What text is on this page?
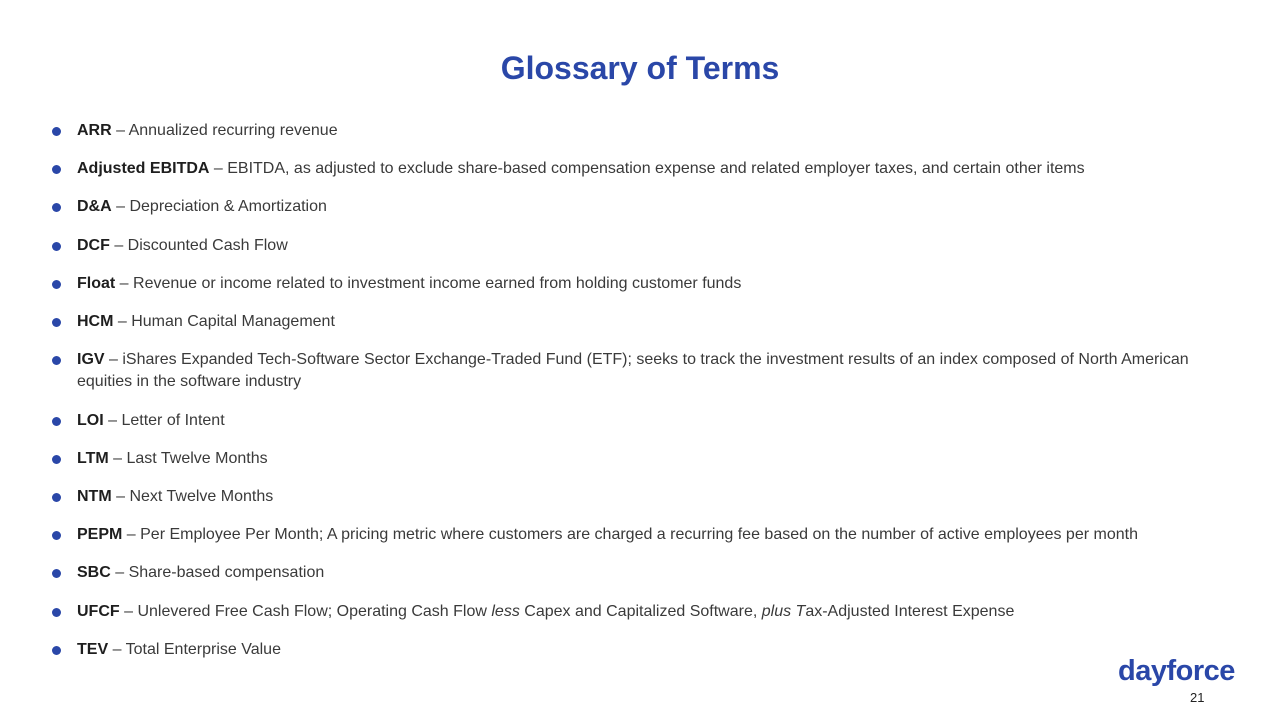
Glossary of Terms
ARR – Annualized recurring revenue
Adjusted EBITDA – EBITDA, as adjusted to exclude share-based compensation expense and related employer taxes, and certain other items
D&A – Depreciation & Amortization
DCF – Discounted Cash Flow
Float – Revenue or income related to investment income earned from holding customer funds
HCM – Human Capital Management
IGV – iShares Expanded Tech-Software Sector Exchange-Traded Fund (ETF); seeks to track the investment results of an index composed of North American equities in the software industry
LOI – Letter of Intent
LTM – Last Twelve Months
NTM – Next Twelve Months
PEPM – Per Employee Per Month; A pricing metric where customers are charged a recurring fee based on the number of active employees per month
SBC – Share-based compensation
UFCF – Unlevered Free Cash Flow; Operating Cash Flow less Capex and Capitalized Software, plus Tax-Adjusted Interest Expense
TEV – Total Enterprise Value
dayforce
21
